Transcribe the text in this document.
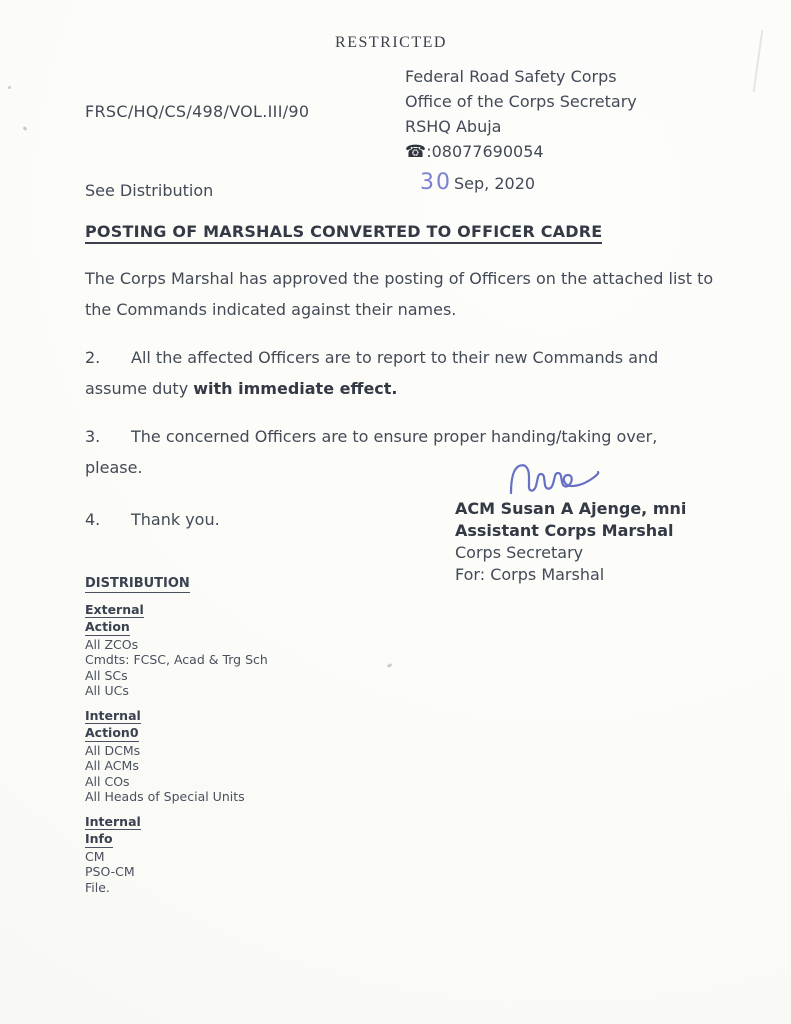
RESTRICTED
FRSC/HQ/CS/498/VOL.III/90
Federal Road Safety Corps
Office of the Corps Secretary
RSHQ Abuja
☎:08077690054
See Distribution	30 Sep, 2020
POSTING OF MARSHALS CONVERTED TO OFFICER CADRE

The Corps Marshal has approved the posting of Officers on the attached list to the Commands indicated against their names.

2. All the affected Officers are to report to their new Commands and assume duty with immediate effect.

3. The concerned Officers are to ensure proper handing/taking over, please.

4. Thank you.

ACM Susan A Ajenge, mni
Assistant Corps Marshal
Corps Secretary
For: Corps Marshal
DISTRIBUTION
External
Action
All ZCOs
Cmdts: FCSC, Acad & Trg Sch
All SCs
All UCs
Internal
Action0
All DCMs
All ACMs
All COs
All Heads of Special Units
Internal
Info
CM
PSO-CM
File.
